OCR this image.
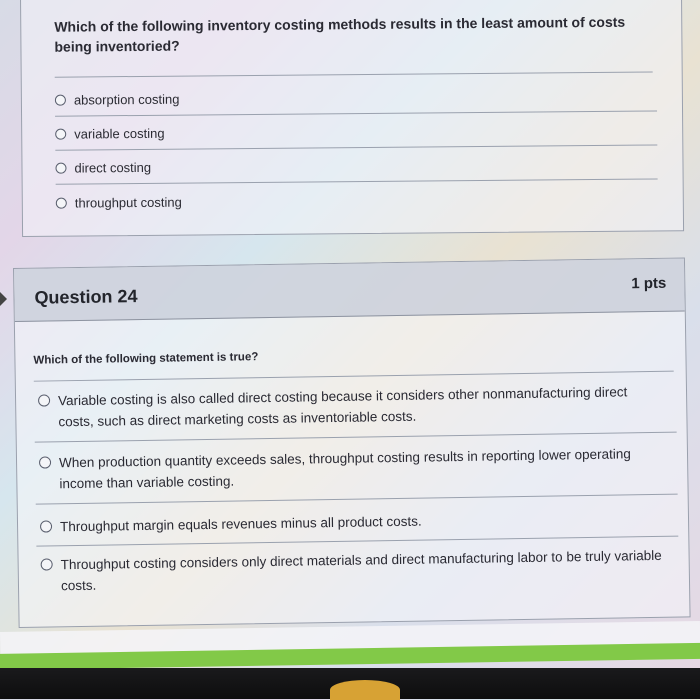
Which of the following inventory costing methods results in the least amount of costs being inventoried?
absorption costing
variable costing
direct costing
throughput costing
Question 24
1 pts
Which of the following statement is true?
Variable costing is also called direct costing because it considers other nonmanufacturing direct costs, such as direct marketing costs as inventoriable costs.
When production quantity exceeds sales, throughput costing results in reporting lower operating income than variable costing.
Throughput margin equals revenues minus all product costs.
Throughput costing considers only direct materials and direct manufacturing labor to be truly variable costs.
